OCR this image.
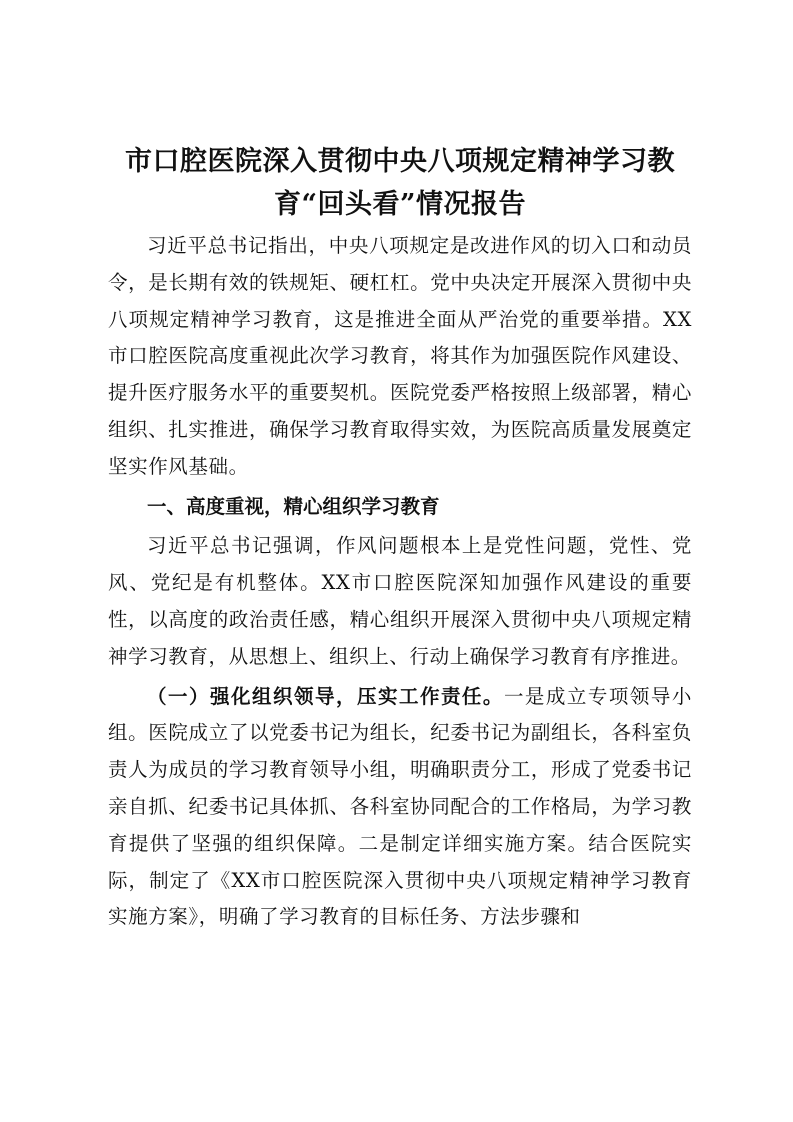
市口腔医院深入贯彻中央八项规定精神学习教
育“回头看”情况报告

习近平总书记指出，中央八项规定是改进作风的切入口和动员令，是长期有效的铁规矩、硬杠杠。党中央决定开展深入贯彻中央八项规定精神学习教育，这是推进全面从严治党的重要举措。XX市口腔医院高度重视此次学习教育，将其作为加强医院作风建设、提升医疗服务水平的重要契机。医院党委严格按照上级部署，精心组织、扎实推进，确保学习教育取得实效，为医院高质量发展奠定坚实作风基础。

一、高度重视，精心组织学习教育

习近平总书记强调，作风问题根本上是党性问题，党性、党风、党纪是有机整体。XX市口腔医院深知加强作风建设的重要性，以高度的政治责任感，精心组织开展深入贯彻中央八项规定精神学习教育，从思想上、组织上、行动上确保学习教育有序推进。

（一）强化组织领导，压实工作责任。一是成立专项领导小组。医院成立了以党委书记为组长，纪委书记为副组长，各科室负责人为成员的学习教育领导小组，明确职责分工，形成了党委书记亲自抓、纪委书记具体抓、各科室协同配合的工作格局，为学习教育提供了坚强的组织保障。二是制定详细实施方案。结合医院实际，制定了《XX市口腔医院深入贯彻中央八项规定精神学习教育实施方案》，明确了学习教育的目标任务、方法步骤和
